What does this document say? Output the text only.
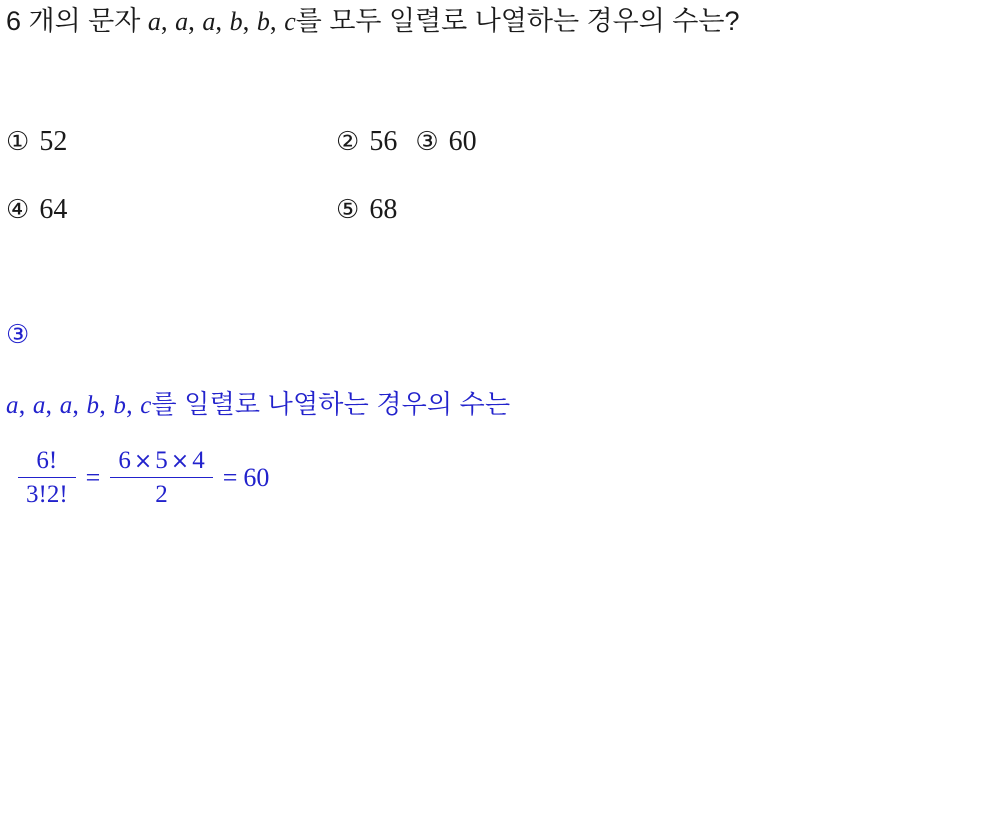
6 개의 문자 a, a, a, b, b, c를 모두 일렬로 나열하는 경우의 수는?
① 52	② 56 ③ 60
④ 64	⑤ 68
③
a, a, a, b, b, c를 일렬로 나열하는 경우의 수는
$\frac{6!}{3!2!} = \frac{6 \times 5 \times 4}{2} = 60$
